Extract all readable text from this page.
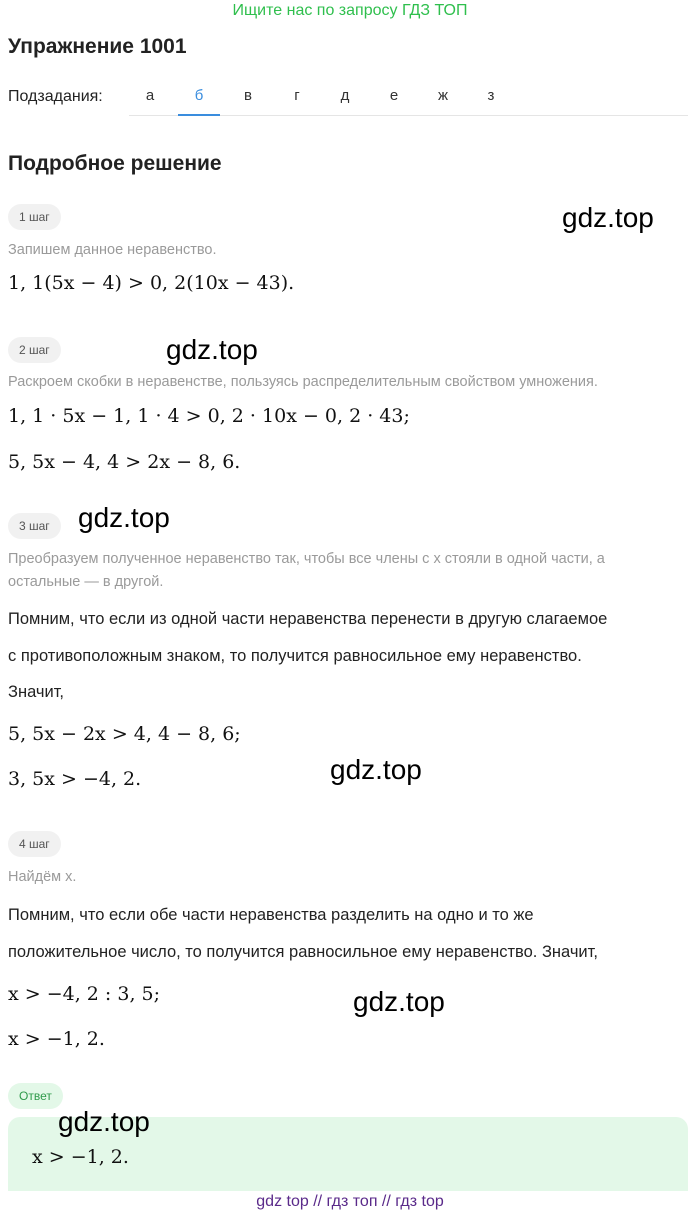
Ищите нас по запросу ГДЗ ТОП
Упражнение 1001
Подзадания:	а	б	в	г	д	е	ж	з
Подробное решение
1 шаг
Запишем данное неравенство.
1, 1(5x − 4) > 0, 2(10x − 43).
2 шаг
Раскроем скобки в неравенстве, пользуясь распределительным свойством умножения.
1, 1 · 5x − 1, 1 · 4 > 0, 2 · 10x − 0, 2 · 43;
5, 5x − 4, 4 > 2x − 8, 6.
3 шаг
Преобразуем полученное неравенство так, чтобы все члены с x стояли в одной части, а
остальные — в другой.
Помним, что если из одной части неравенства перенести в другую слагаемое
с противоположным знаком, то получится равносильное ему неравенство.
Значит,
5, 5x − 2x > 4, 4 − 8, 6;
3, 5x > −4, 2.
4 шаг
Найдём x.
Помним, что если обе части неравенства разделить на одно и то же
положительное число, то получится равносильное ему неравенство. Значит,
x > −4, 2 : 3, 5;
x > −1, 2.
Ответ
x > −1, 2.
gdz.top
gdz.top
gdz.top
gdz.top
gdz.top
gdz.top
gdz top // гдз топ // гдз top
